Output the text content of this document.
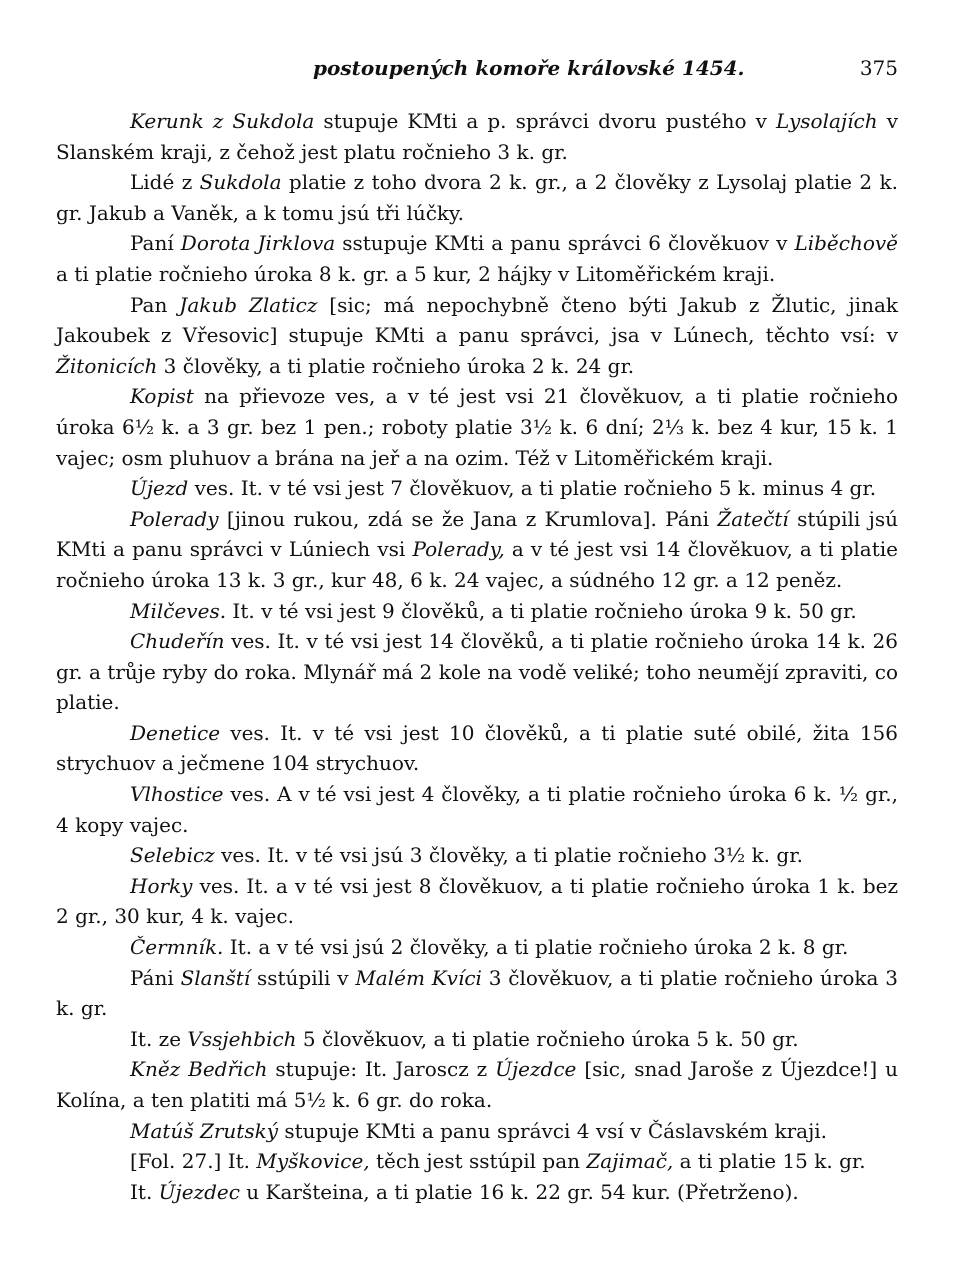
postoupených komoře královské 1454.	375

Kerunk z Sukdola stupuje KMti a p. správci dvoru pustého v Lysolajích v Slanském kraji, z čehož jest platu ročnieho 3 k. gr.

Lidé z Sukdola platie z toho dvora 2 k. gr., a 2 člověky z Lysolaj platie 2 k. gr. Jakub a Vaněk, a k tomu jsú tři lúčky.

Paní Dorota Jirklova sstupuje KMti a panu správci 6 člověkuov v Liběchově a ti platie ročnieho úroka 8 k. gr. a 5 kur, 2 hájky v Litoměřickém kraji.

Pan Jakub Zlaticz [sic; má nepochybně čteno býti Jakub z Žlutic, jinak Jakoubek z Vřesovic] stupuje KMti a panu správci, jsa v Lúnech, těchto vsí: v Žitonicích 3 člověky, a ti platie ročnieho úroka 2 k. 24 gr.

Kopist na přievoze ves, a v té jest vsi 21 člověkuov, a ti platie ročnieho úroka 6½ k. a 3 gr. bez 1 pen.; roboty platie 3½ k. 6 dní; 2⅓ k. bez 4 kur, 15 k. 1 vajec; osm pluhuov a brána na jeř a na ozim. Též v Litoměřickém kraji.

Újezd ves. It. v té vsi jest 7 člověkuov, a ti platie ročnieho 5 k. minus 4 gr.

Polerady [jinou rukou, zdá se že Jana z Krumlova]. Páni Žatečtí stúpili jsú KMti a panu správci v Lúniech vsi Polerady, a v té jest vsi 14 člověkuov, a ti platie ročnieho úroka 13 k. 3 gr., kur 48, 6 k. 24 vajec, a súdného 12 gr. a 12 peněz.

Milčeves. It. v té vsi jest 9 člověků, a ti platie ročnieho úroka 9 k. 50 gr.

Chudeřín ves. It. v té vsi jest 14 člověků, a ti platie ročnieho úroka 14 k. 26 gr. a trůje ryby do roka. Mlynář má 2 kole na vodě veliké; toho neumějí zpraviti, co platie.

Denetice ves. It. v té vsi jest 10 člověků, a ti platie suté obilé, žita 156 strychuov a ječmene 104 strychuov.

Vlhostice ves. A v té vsi jest 4 člověky, a ti platie ročnieho úroka 6 k. ½ gr., 4 kopy vajec.

Selebicz ves. It. v té vsi jsú 3 člověky, a ti platie ročnieho 3½ k. gr.

Horky ves. It. a v té vsi jest 8 člověkuov, a ti platie ročnieho úroka 1 k. bez 2 gr., 30 kur, 4 k. vajec.

Čermník. It. a v té vsi jsú 2 člověky, a ti platie ročnieho úroka 2 k. 8 gr.

Páni Slanští sstúpili v Malém Kvíci 3 člověkuov, a ti platie ročnieho úroka 3 k. gr.

It. ze Vssjehbich 5 člověkuov, a ti platie ročnieho úroka 5 k. 50 gr.

Kněz Bedřich stupuje: It. Jaroscz z Újezdce [sic, snad Jaroše z Újezdce!] u Kolína, a ten platiti má 5½ k. 6 gr. do roka.

Matúš Zrutský stupuje KMti a panu správci 4 vsí v Čáslavském kraji.

[Fol. 27.] It. Myškovice, těch jest sstúpil pan Zajimač, a ti platie 15 k. gr.

It. Újezdec u Karšteina, a ti platie 16 k. 22 gr. 54 kur. (Přetrženo).
